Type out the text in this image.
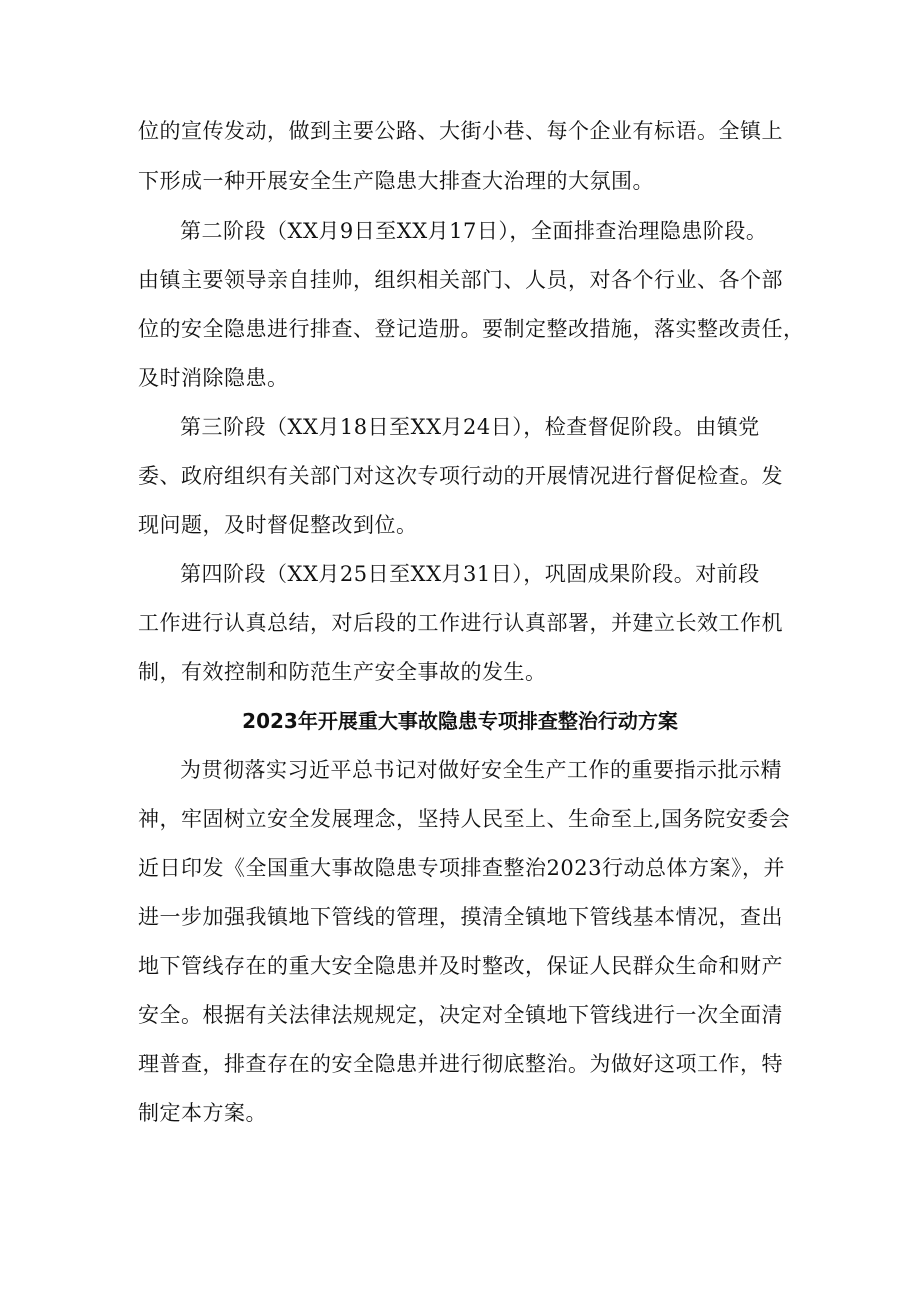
位的宣传发动，做到主要公路、大街小巷、每个企业有标语。全镇上
下形成一种开展安全生产隐患大排查大治理的大氛围。
第二阶段（XX月9日至XX月17日），全面排查治理隐患阶段。
由镇主要领导亲自挂帅，组织相关部门、人员，对各个行业、各个部
位的安全隐患进行排查、登记造册。要制定整改措施，落实整改责任，
及时消除隐患。
第三阶段（XX月18日至XX月24日），检查督促阶段。由镇党
委、政府组织有关部门对这次专项行动的开展情况进行督促检查。发
现问题，及时督促整改到位。
第四阶段（XX月25日至XX月31日），巩固成果阶段。对前段
工作进行认真总结，对后段的工作进行认真部署，并建立长效工作机
制，有效控制和防范生产安全事故的发生。
2023年开展重大事故隐患专项排查整治行动方案
为贯彻落实习近平总书记对做好安全生产工作的重要指示批示精
神，牢固树立安全发展理念，坚持人民至上、生命至上,国务院安委会
近日印发《全国重大事故隐患专项排查整治2023行动总体方案》，并
进一步加强我镇地下管线的管理，摸清全镇地下管线基本情况，查出
地下管线存在的重大安全隐患并及时整改，保证人民群众生命和财产
安全。根据有关法律法规规定，决定对全镇地下管线进行一次全面清
理普查，排查存在的安全隐患并进行彻底整治。为做好这项工作，特
制定本方案。
